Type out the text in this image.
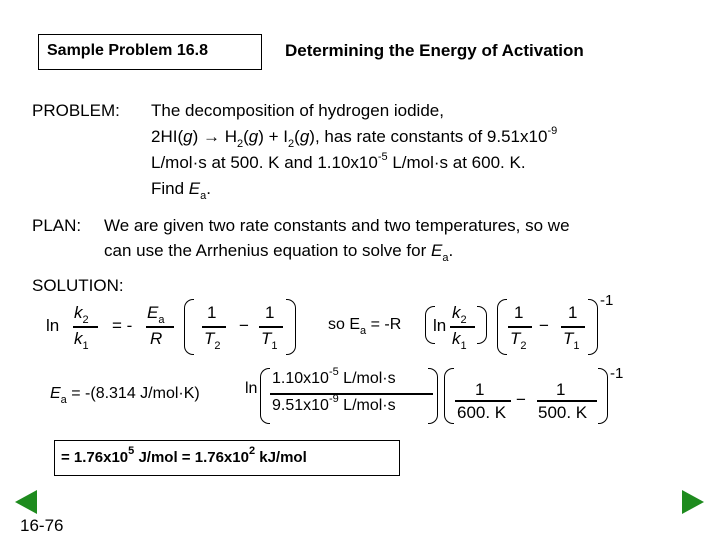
Sample Problem 16.8	Determining the Energy of Activation
PROBLEM: The decomposition of hydrogen iodide,
$2HI(g) \to H_2(g) + I_2(g)$, has rate constants of $9.51x10^{-9}$
L/mol·s at 500. K and $1.10x10^{-5}$ L/mol·s at 600. K.
Find $E_a$.
PLAN: We are given two rate constants and two temperatures, so we
can use the Arrhenius equation to solve for $E_a$.
SOLUTION:
ln
$k_2$
$k_1$
= -
$E_a$
R
1
$T_2$
−
1
$T_1$
so $E_a = -R$ ln
$k_2$
$k_1$
1
$T_2$
−
1
$T_1$
-1
$E_a = -(8.314$ J/mol·K)	ln
$1.10x10^{-5}$ L/mol·s
$9.51x10^{-9}$ L/mol·s
1
600. K
−
1
500. K
-1
= $1.76x10^5$ $J/mol = 1.76x10^2$ kJ/mol
16-76
